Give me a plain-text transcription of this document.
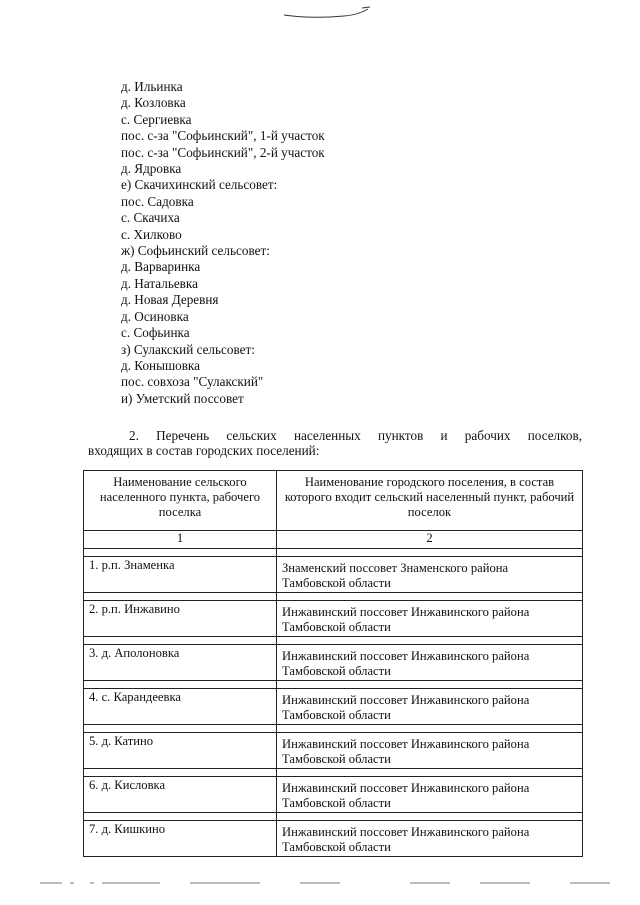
д. Ильинка
д. Козловка
с. Сергиевка
пос. с-за "Софьинский", 1-й участок
пос. с-за "Софьинский", 2-й участок
д. Ядровка
е) Скачихинский сельсовет:
пос. Садовка
с. Скачиха
с. Хилково
ж) Софьинский сельсовет:
д. Варваринка
д. Натальевка
д. Новая Деревня
д. Осиновка
с. Софьинка
з) Сулакский сельсовет:
д. Конышовка
пос. совхоза "Сулакский"
и) Уметский поссовет
2. Перечень сельских населенных пунктов и рабочих поселков,
входящих в состав городских поселений:
Наименование сельского населенного пункта, рабочего поселка	Наименование городского поселения, в состав которого входит сельский населенный пункт, рабочий поселок
1	2

1. р.п. Знаменка	Знаменский поссовет Знаменского района
Тамбовской области

2. р.п. Инжавино	Инжавинский поссовет Инжавинского района
Тамбовской области

3. д. Аполоновка	Инжавинский поссовет Инжавинского района
Тамбовской области

4. с. Карандеевка	Инжавинский поссовет Инжавинского района
Тамбовской области

5. д. Катино	Инжавинский поссовет Инжавинского района
Тамбовской области

6. д. Кисловка	Инжавинский поссовет Инжавинского района
Тамбовской области

7. д. Кишкино	Инжавинский поссовет Инжавинского района
Тамбовской области
